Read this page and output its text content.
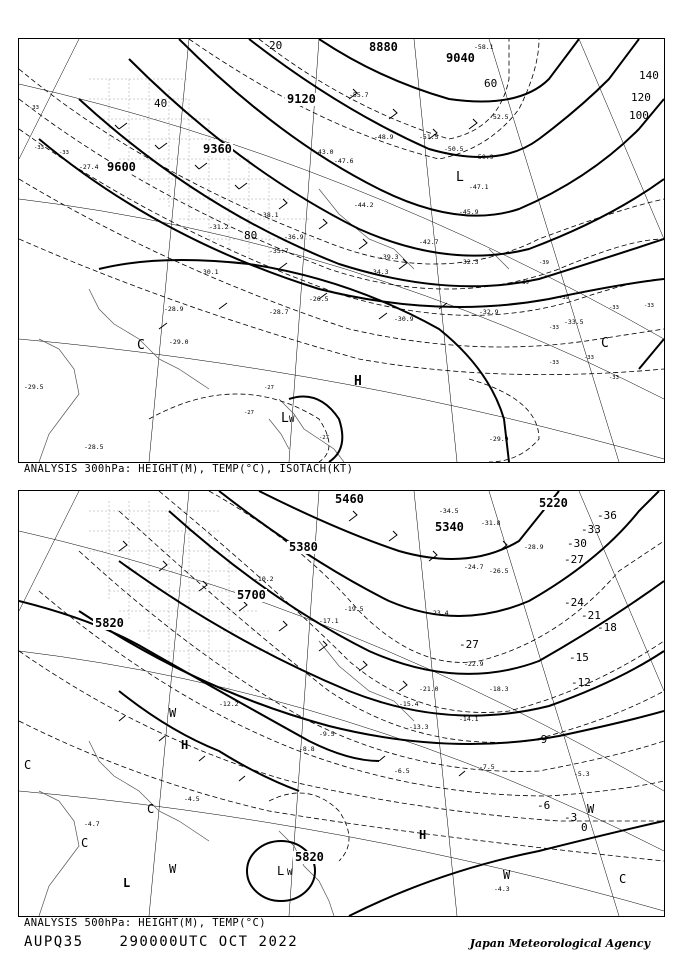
8880
9040
9120
9360
9600
20
40
60
80
100
120
140
-58.1
-55.7
-52.5
-51.5
-50.5
-50.9
-48.9
-47.6
-47.1
-45.9
-44.2
-43.0
-42.7
-39.3
-38.1
-36.9
-35.7
-34.3
-32.3
-32.9
-31.2
-30.9
-30.1
-29.9
-29.5
-29.0
-28.9	-28.7
-28.5
-27.4
-26.5
-33.5
-33
-33
-33
-39
-39
-39
-33	-33
-33
-33
-33
-33
-27
-27
-27
C	C
H
L
L W
ANALYSIS 300hPa: HEIGHT(M), TEMP(°C), ISOTACH(KT)
5220
5340
5380
5460
5700
5820
5820
-36
-33
-30
-27
-24
-21
-18
-15
-12
-9
-6
-3
0
-27
-34.5
-31.8
-28.9
-26.5
-24.7
-23.4
-22.9
-21.0
-19.5
-18.3
-17.1
-15.4
-14.1
-13.3
-12.2
-10.2
-9.5
-8.8
-7.5
-6.5	-5.3
-4.5
-4.7
-4.3
C
C
C
C
H
H
L
L
W
W
W
W
W
ANALYSIS 500hPa: HEIGHT(M), TEMP(°C)
AUPQ35	290000UTC OCT 2022	Japan Meteorological Agency
